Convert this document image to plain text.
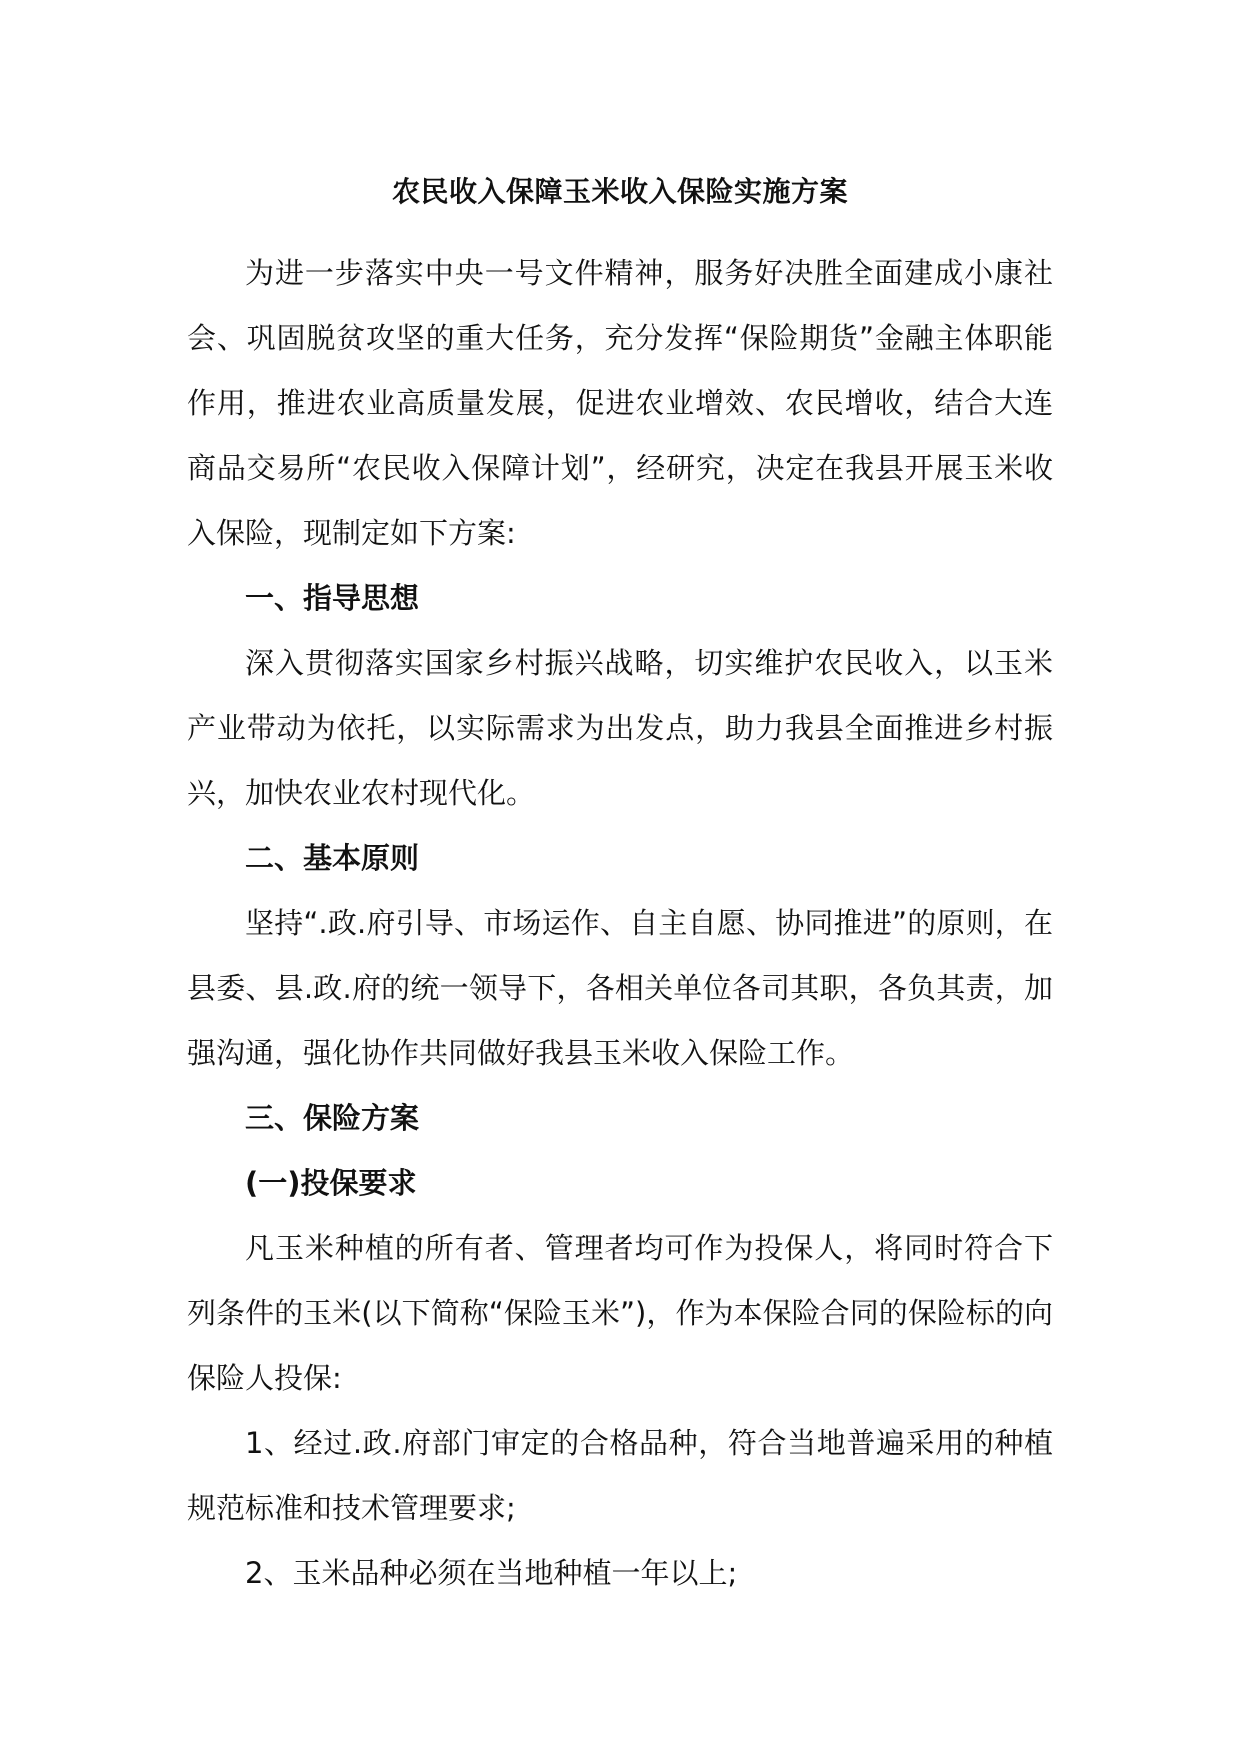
农民收入保障玉米收入保险实施方案

为进一步落实中央一号文件精神，服务好决胜全面建成小康社会、巩固脱贫攻坚的重大任务，充分发挥“保险期货”金融主体职能作用，推进农业高质量发展，促进农业增效、农民增收，结合大连商品交易所“农民收入保障计划”，经研究，决定在我县开展玉米收入保险，现制定如下方案:

一、指导思想

深入贯彻落实国家乡村振兴战略，切实维护农民收入，以玉米产业带动为依托，以实际需求为出发点，助力我县全面推进乡村振兴，加快农业农村现代化。

二、基本原则

坚持“.政.府引导、市场运作、自主自愿、协同推进”的原则，在县委、县.政.府的统一领导下，各相关单位各司其职，各负其责，加强沟通，强化协作共同做好我县玉米收入保险工作。

三、保险方案

(一)投保要求

凡玉米种植的所有者、管理者均可作为投保人，将同时符合下列条件的玉米(以下简称“保险玉米”)，作为本保险合同的保险标的向保险人投保:

1、经过.政.府部门审定的合格品种，符合当地普遍采用的种植规范标准和技术管理要求;

2、玉米品种必须在当地种植一年以上;
